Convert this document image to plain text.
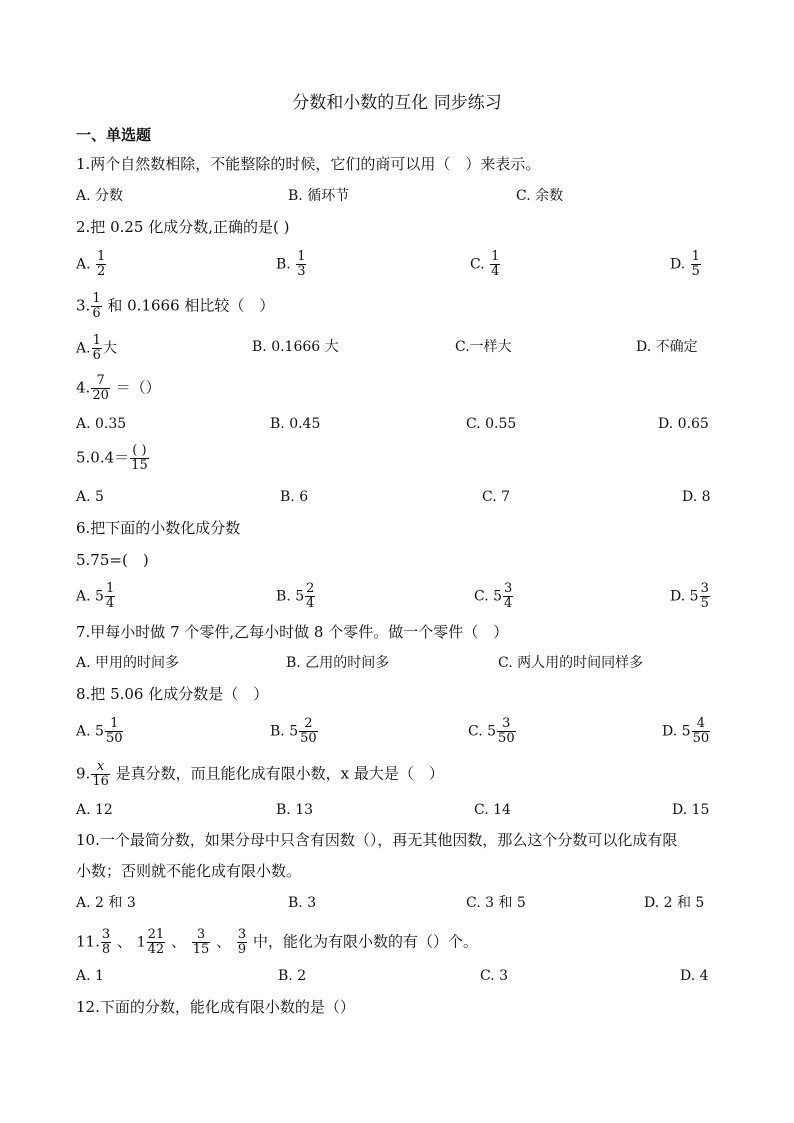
分数和小数的互化 同步练习
一、单选题
1.两个自然数相除，不能整除的时候，它们的商可以用（　）来表示。
A. 分数	B. 循环节	C. 余数
2.把 0.25 化成分数,正确的是( )
A. $\frac{1}{2}$	B. $\frac{1}{3}$	C. $\frac{1}{4}$	D. $\frac{1}{5}$
3. $\frac{1}{6}$ 和 0.1666 相比较（　）
A. $\frac{1}{6}$ 大	B. 0.1666 大	C.一样大	D. 不确定
4. $\frac{7}{20}$ ＝（）
A. 0.35	B. 0.45	C. 0.55	D. 0.65
$5.0.4= \frac{( )}{15}$
A. 5	B. 6	C. 7	D. 8
6.把下面的小数化成分数
5.75=(　)
A. $5 \frac{1}{4}$	B. $5 \frac{2}{4}$	C. $5 \frac{3}{4}$	D. $5 \frac{3}{5}$
7.甲每小时做 7 个零件,乙每小时做 8 个零件。做一个零件（　）
A. 甲用的时间多	B. 乙用的时间多	C. 两人用的时间同样多
8.把 5.06 化成分数是（　）
A. $5 \frac{1}{50}$	B. $5 \frac{2}{50}$	C. $5 \frac{3}{50}$	D. $5 \frac{4}{50}$
9. $\frac{x}{16}$ 是真分数，而且能化成有限小数，x 最大是（　）
A. 12	B. 13	C. 14	D. 15
10.一个最简分数，如果分母中只含有因数（），再无其他因数，那么这个分数可以化成有限
小数；否则就不能化成有限小数。
A. 2 和 3	B. 3	C. 3 和 5	D. 2 和 5
11. $\frac{3}{8}$ 、 $1 \frac{21}{42}$ 、 $\frac{3}{15}$ 、 $\frac{3}{9}$ 中，能化为有限小数的有（）个。
A. 1	B. 2	C. 3	D. 4
12.下面的分数，能化成有限小数的是（）
